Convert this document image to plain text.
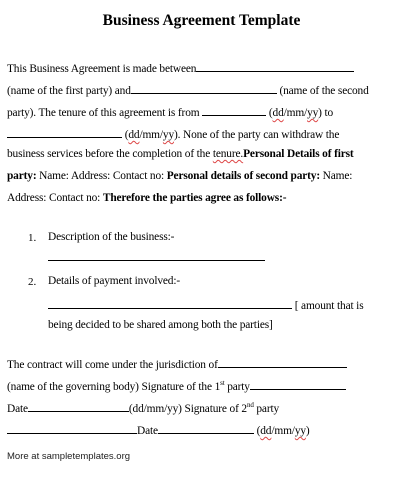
Business Agreement Template
This Business Agreement is made between
(name of the first party) and	(name of the second
party). The tenure of this agreement is from	(dd/mm/yy) to
(dd/mm/yy). None of the party can withdraw the
business services before the completion of the tenure.Personal Details of first
party: Name: Address: Contact no: Personal details of second party: Name:
Address: Contact no: Therefore the parties agree as follows:-
1. Description of the business:-
2. Details of payment involved:-
[ amount that is
being decided to be shared among both the parties]
The contract will come under the jurisdiction of
(name of the governing body) Signature of the 1st party
Date	(dd/mm/yy) Signature of 2nd party
Date	(dd/mm/yy)
More at sampletemplates.org
